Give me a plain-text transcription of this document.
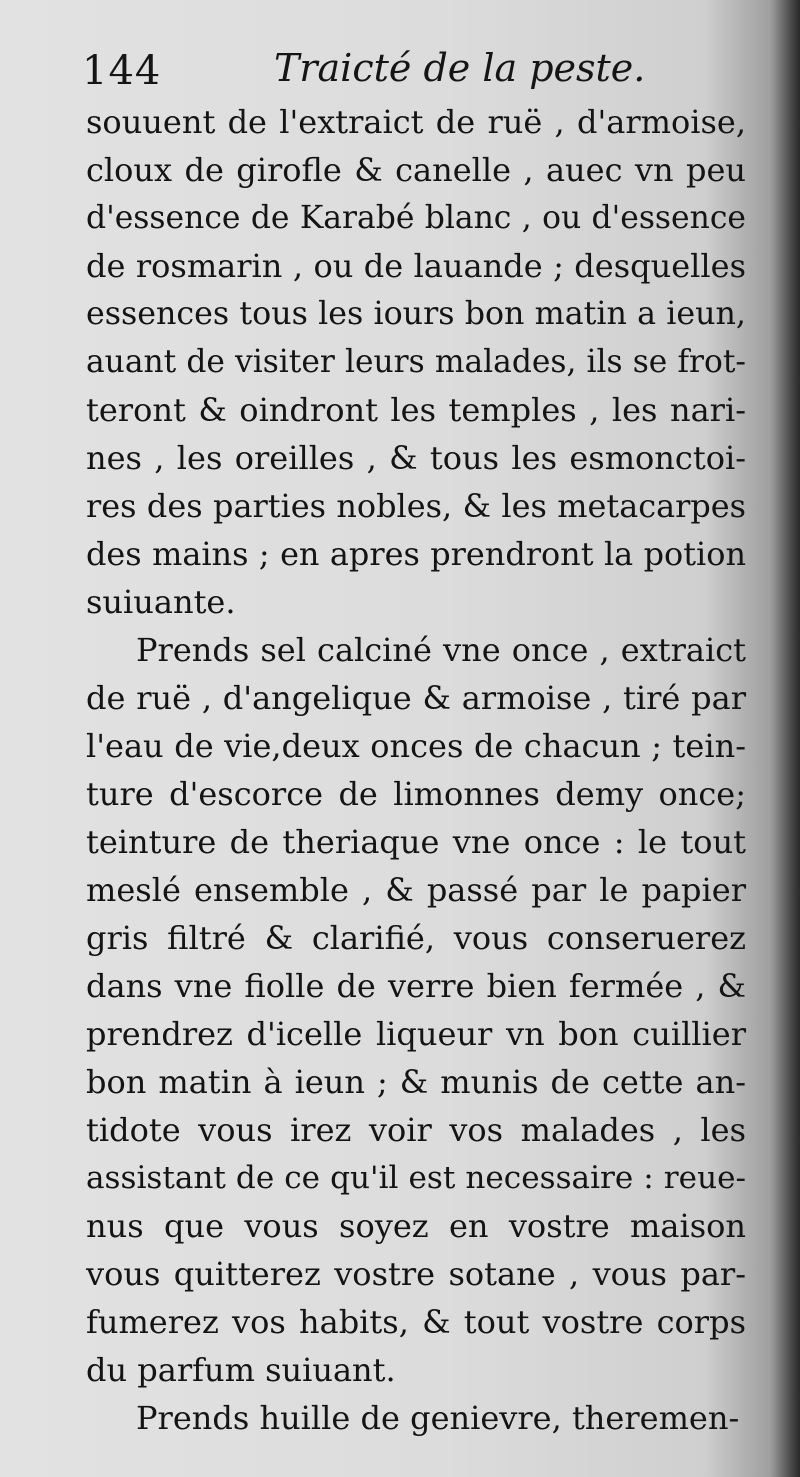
144	Traicté de la peste.
souuent de l'extraict de ruë , d'armoise,
cloux de girofle & canelle , auec vn peu
d'essence de Karabé blanc , ou d'essence
de rosmarin , ou de lauande ; desquelles
essences tous les iours bon matin a ieun,
auant de visiter leurs malades, ils se frot-
teront & oindront les temples , les nari-
nes , les oreilles , & tous les esmonctoi-
res des parties nobles, & les metacarpes
des mains ; en apres prendront la potion
suiuante.
Prends sel calciné vne once , extraict
de ruë , d'angelique & armoise , tiré par
l'eau de vie,deux onces de chacun ; tein-
ture d'escorce de limonnes demy once;
teinture de theriaque vne once : le tout
meslé ensemble , & passé par le papier
gris filtré & clarifié, vous conseruerez
dans vne fiolle de verre bien fermée , &
prendrez d'icelle liqueur vn bon cuillier
bon matin à ieun ; & munis de cette an-
tidote vous irez voir vos malades , les
assistant de ce qu'il est necessaire : reue-
nus que vous soyez en vostre maison
vous quitterez vostre sotane , vous par-
fumerez vos habits, & tout vostre corps
du parfum suiuant.
Prends huille de genievre, theremen-
